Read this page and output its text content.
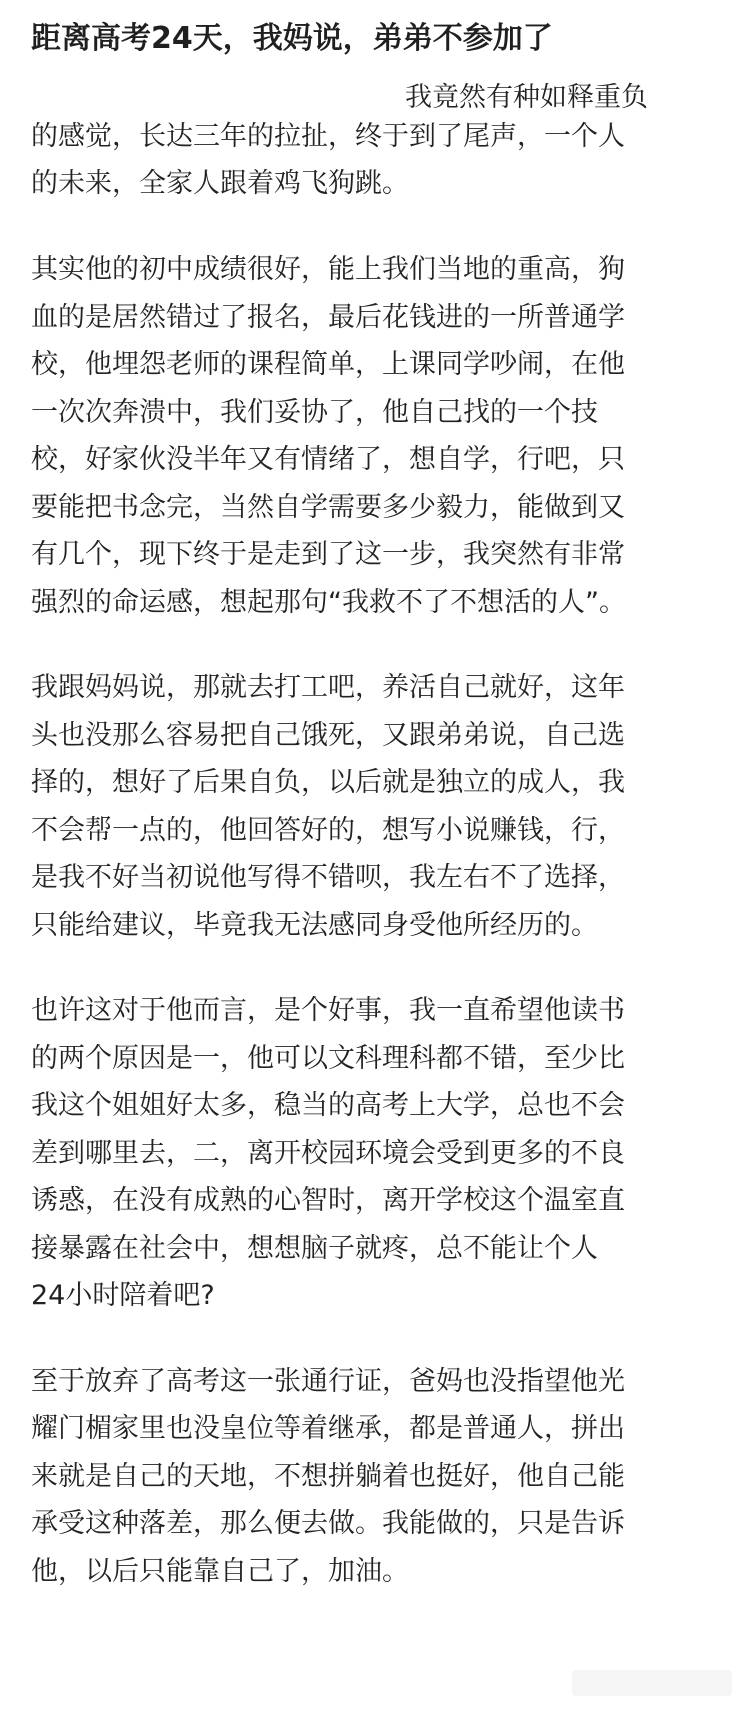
距离高考24天，我妈说，弟弟不参加了
我竟然有种如释重负
的感觉，长达三年的拉扯，终于到了尾声，一个人
的未来，全家人跟着鸡飞狗跳。
其实他的初中成绩很好，能上我们当地的重高，狗
血的是居然错过了报名，最后花钱进的一所普通学
校，他埋怨老师的课程简单，上课同学吵闹，在他
一次次奔溃中，我们妥协了，他自己找的一个技
校，好家伙没半年又有情绪了，想自学，行吧，只
要能把书念完，当然自学需要多少毅力，能做到又
有几个，现下终于是走到了这一步，我突然有非常
强烈的命运感，想起那句“我救不了不想活的人”。
我跟妈妈说，那就去打工吧，养活自己就好，这年
头也没那么容易把自己饿死，又跟弟弟说，自己选
择的，想好了后果自负，以后就是独立的成人，我
不会帮一点的，他回答好的，想写小说赚钱，行，
是我不好当初说他写得不错呗，我左右不了选择，
只能给建议，毕竟我无法感同身受他所经历的。
也许这对于他而言，是个好事，我一直希望他读书
的两个原因是一，他可以文科理科都不错，至少比
我这个姐姐好太多，稳当的高考上大学，总也不会
差到哪里去，二，离开校园环境会受到更多的不良
诱惑，在没有成熟的心智时，离开学校这个温室直
接暴露在社会中，想想脑子就疼，总不能让个人
24小时陪着吧?
至于放弃了高考这一张通行证，爸妈也没指望他光
耀门楣家里也没皇位等着继承，都是普通人，拼出
来就是自己的天地，不想拼躺着也挺好，他自己能
承受这种落差，那么便去做。我能做的，只是告诉
他，以后只能靠自己了，加油。
